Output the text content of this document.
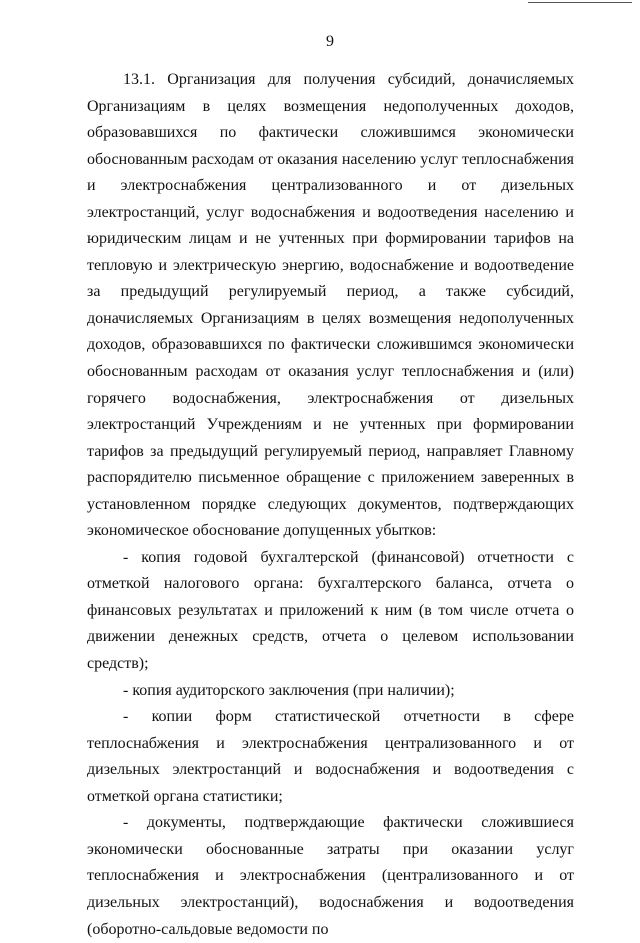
9

13.1. Организация для получения субсидий, доначисляемых Организациям в целях возмещения недополученных доходов, образовавшихся по фактически сложившимся экономически обоснованным расходам от оказания населению услуг теплоснабжения и электроснабжения централизованного и от дизельных электростанций, услуг водоснабжения и водоотведения населению и юридическим лицам и не учтенных при формировании тарифов на тепловую и электрическую энергию, водоснабжение и водоотведение за предыдущий регулируемый период, а также субсидий, доначисляемых Организациям в целях возмещения недополученных доходов, образовавшихся по фактически сложившимся экономически обоснованным расходам от оказания услуг теплоснабжения и (или) горячего водоснабжения, электроснабжения от дизельных электростанций Учреждениям и не учтенных при формировании тарифов за предыдущий регулируемый период, направляет Главному распорядителю письменное обращение с приложением заверенных в установленном порядке следующих документов, подтверждающих экономическое обоснование допущенных убытков:

- копия годовой бухгалтерской (финансовой) отчетности с отметкой налогового органа: бухгалтерского баланса, отчета о финансовых результатах и приложений к ним (в том числе отчета о движении денежных средств, отчета о целевом использовании средств);

- копия аудиторского заключения (при наличии);

- копии форм статистической отчетности в сфере теплоснабжения и электроснабжения централизованного и от дизельных электростанций и водоснабжения и водоотведения с отметкой органа статистики;

- документы, подтверждающие фактически сложившиеся экономически обоснованные затраты при оказании услуг теплоснабжения и электроснабжения (централизованного и от дизельных электростанций), водоснабжения и водоотведения (оборотно-сальдовые ведомости по
